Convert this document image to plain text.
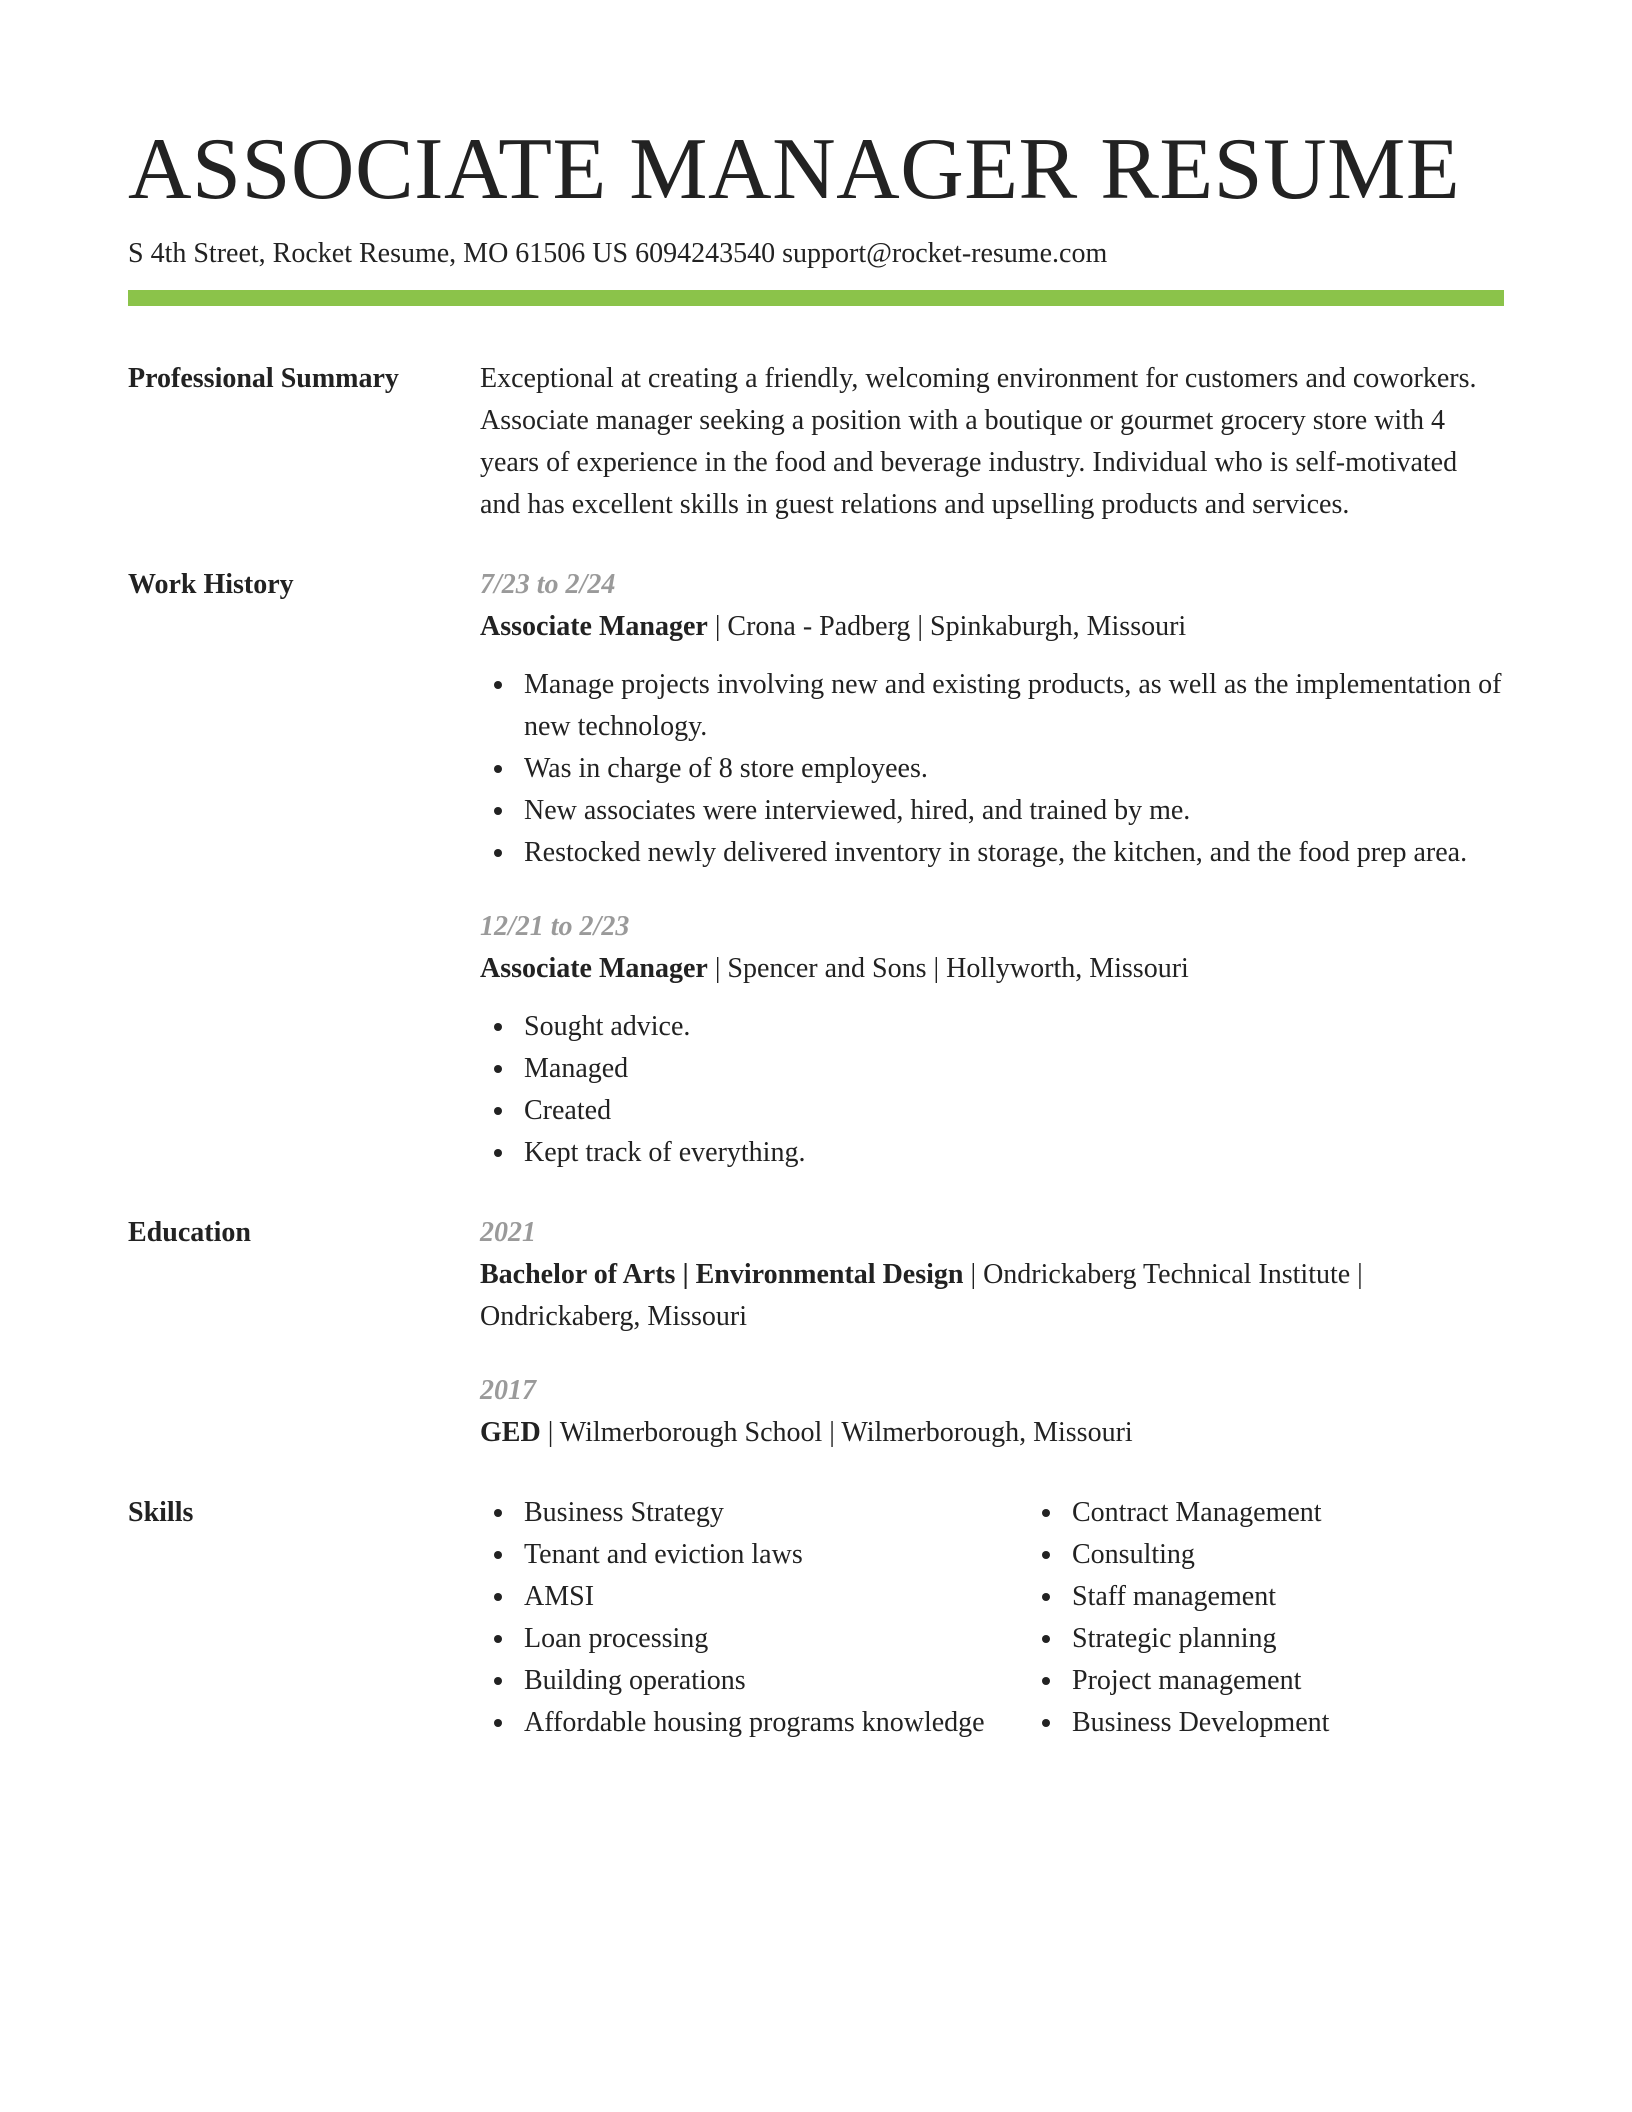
ASSOCIATE MANAGER RESUME
S 4th Street, Rocket Resume, MO 61506 US 6094243540 support@rocket-resume.com
Professional Summary	Exceptional at creating a friendly, welcoming environment for customers and coworkers. Associate manager seeking a position with a boutique or gourmet grocery store with 4 years of experience in the food and beverage industry. Individual who is self-motivated and has excellent skills in guest relations and upselling products and services.

Work History	7/23 to 2/24
Associate Manager | Crona - Padberg | Spinkaburgh, Missouri
Manage projects involving new and existing products, as well as the implementation of new technology.
Was in charge of 8 store employees.
New associates were interviewed, hired, and trained by me.
Restocked newly delivered inventory in storage, the kitchen, and the food prep area.
12/21 to 2/23
Associate Manager | Spencer and Sons | Hollyworth, Missouri
Sought advice.
Managed
Created
Kept track of everything.
Education	2021
Bachelor of Arts | Environmental Design | Ondrickaberg Technical Institute | Ondrickaberg, Missouri
2017
GED | Wilmerborough School | Wilmerborough, Missouri
Skills	Business Strategy
Tenant and eviction laws
AMSI
Loan processing
Building operations
Affordable housing programs knowledge
Contract Management
Consulting
Staff management
Strategic planning
Project management
Business Development
